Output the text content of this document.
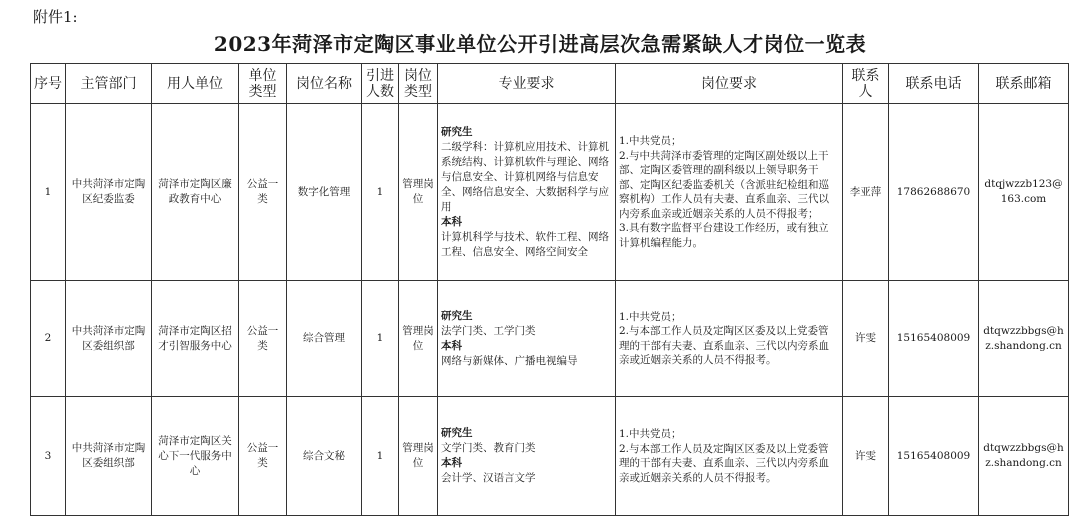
附件1:
2023年菏泽市定陶区事业单位公开引进高层次急需紧缺人才岗位一览表
序号	主管部门	用人单位	单位类型	岗位名称	引进人数	岗位类型	专业要求	岗位要求	联系人	联系电话	联系邮箱
1	中共菏泽市定陶区纪委监委	菏泽市定陶区廉政教育中心	公益一类	数字化管理	1	管理岗位	研究生
二级学科：计算机应用技术、计算机系统结构、计算机软件与理论、网络与信息安全、计算机网络与信息安全、网络信息安全、大数据科学与应用
本科
计算机科学与技术、软件工程、网络工程、信息安全、网络空间安全	1.中共党员；
2.与中共菏泽市委管理的定陶区副处级以上干部、定陶区委管理的副科级以上领导职务干部、定陶区纪委监委机关（含派驻纪检组和巡察机构）工作人员有夫妻、直系血亲、三代以内旁系血亲或近姻亲关系的人员不得报考；
3.具有数字监督平台建设工作经历，或有独立计算机编程能力。	李亚萍	17862688670	dtqjwzzb123@163.com
2	中共菏泽市定陶区委组织部	菏泽市定陶区招才引智服务中心	公益一类	综合管理	1	管理岗位	研究生
法学门类、工学门类
本科
网络与新媒体、广播电视编导	1.中共党员；
2.与本部工作人员及定陶区区委及以上党委管理的干部有夫妻、直系血亲、三代以内旁系血亲或近姻亲关系的人员不得报考。	许雯	15165408009	dtqwzzbbgs@hz.shandong.cn
3	中共菏泽市定陶区委组织部	菏泽市定陶区关心下一代服务中心	公益一类	综合文秘	1	管理岗位	研究生
文学门类、教育门类
本科
会计学、汉语言文学	1.中共党员；
2.与本部工作人员及定陶区区委及以上党委管理的干部有夫妻、直系血亲、三代以内旁系血亲或近姻亲关系的人员不得报考。	许雯	15165408009	dtqwzzbbgs@hz.shandong.cn
